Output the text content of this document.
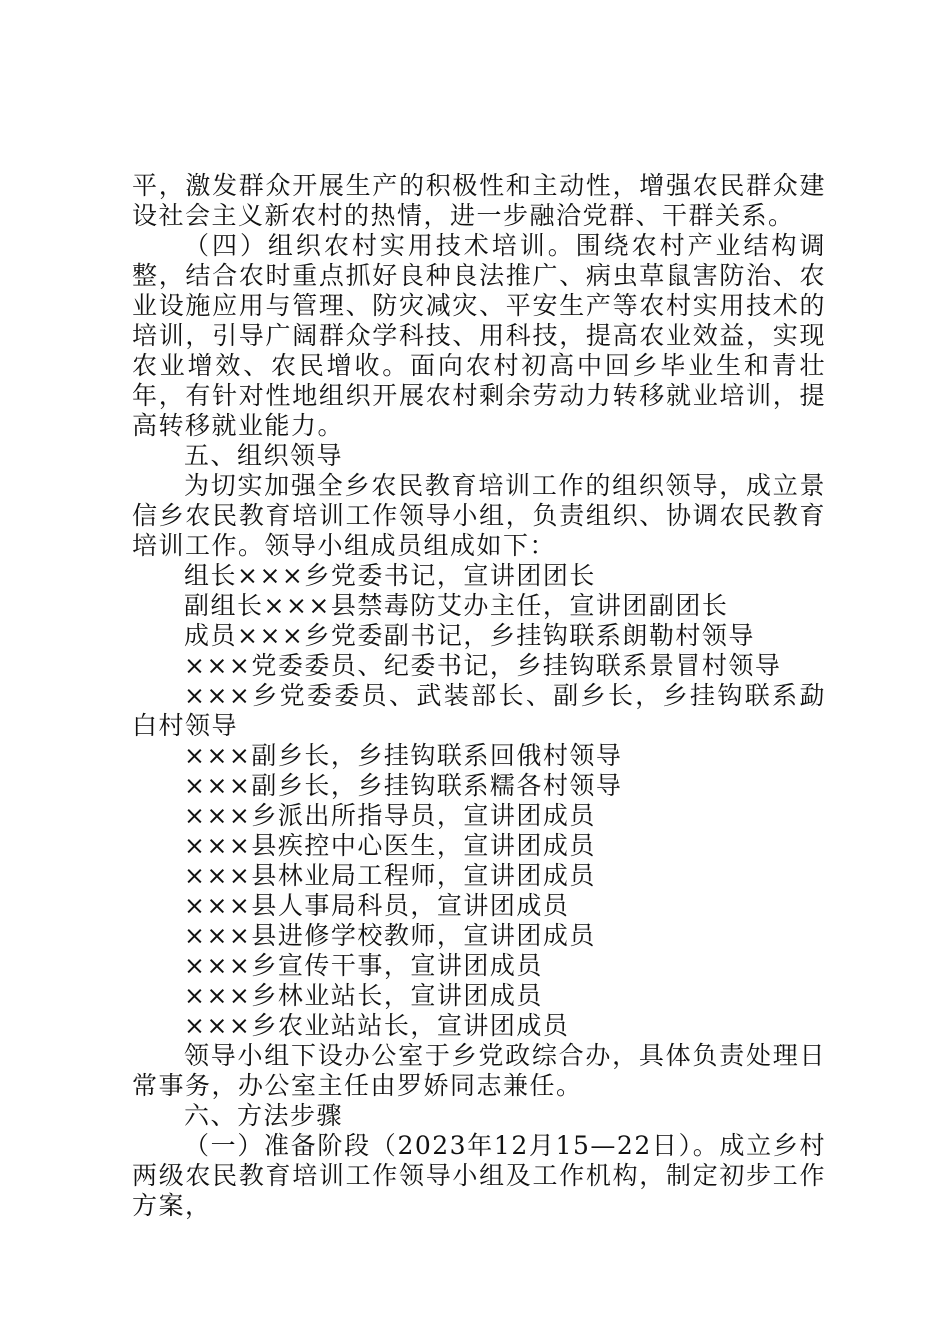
平，激发群众开展生产的积极性和主动性，增强农民群众建设社会主义新农村的热情，进一步融洽党群、干群关系。

（四）组织农村实用技术培训。围绕农村产业结构调整，结合农时重点抓好良种良法推广、病虫草鼠害防治、农业设施应用与管理、防灾减灾、平安生产等农村实用技术的培训，引导广阔群众学科技、用科技，提高农业效益，实现农业增效、农民增收。面向农村初高中回乡毕业生和青壮年，有针对性地组织开展农村剩余劳动力转移就业培训，提高转移就业能力。

五、组织领导

为切实加强全乡农民教育培训工作的组织领导，成立景信乡农民教育培训工作领导小组，负责组织、协调农民教育培训工作。领导小组成员组成如下：

组长×××乡党委书记，宣讲团团长

副组长×××县禁毒防艾办主任，宣讲团副团长

成员×××乡党委副书记，乡挂钩联系朗勒村领导

×××党委委员、纪委书记，乡挂钩联系景冒村领导

×××乡党委委员、武装部长、副乡长，乡挂钩联系勐白村领导

×××副乡长，乡挂钩联系回俄村领导

×××副乡长，乡挂钩联系糯各村领导

×××乡派出所指导员，宣讲团成员

×××县疾控中心医生，宣讲团成员

×××县林业局工程师，宣讲团成员

×××县人事局科员，宣讲团成员

×××县进修学校教师，宣讲团成员

×××乡宣传干事，宣讲团成员

×××乡林业站长，宣讲团成员

×××乡农业站站长，宣讲团成员

领导小组下设办公室于乡党政综合办，具体负责处理日常事务，办公室主任由罗娇同志兼任。

六、方法步骤

（一）准备阶段（2023年12月15—22日）。成立乡村两级农民教育培训工作领导小组及工作机构，制定初步工作方案，
